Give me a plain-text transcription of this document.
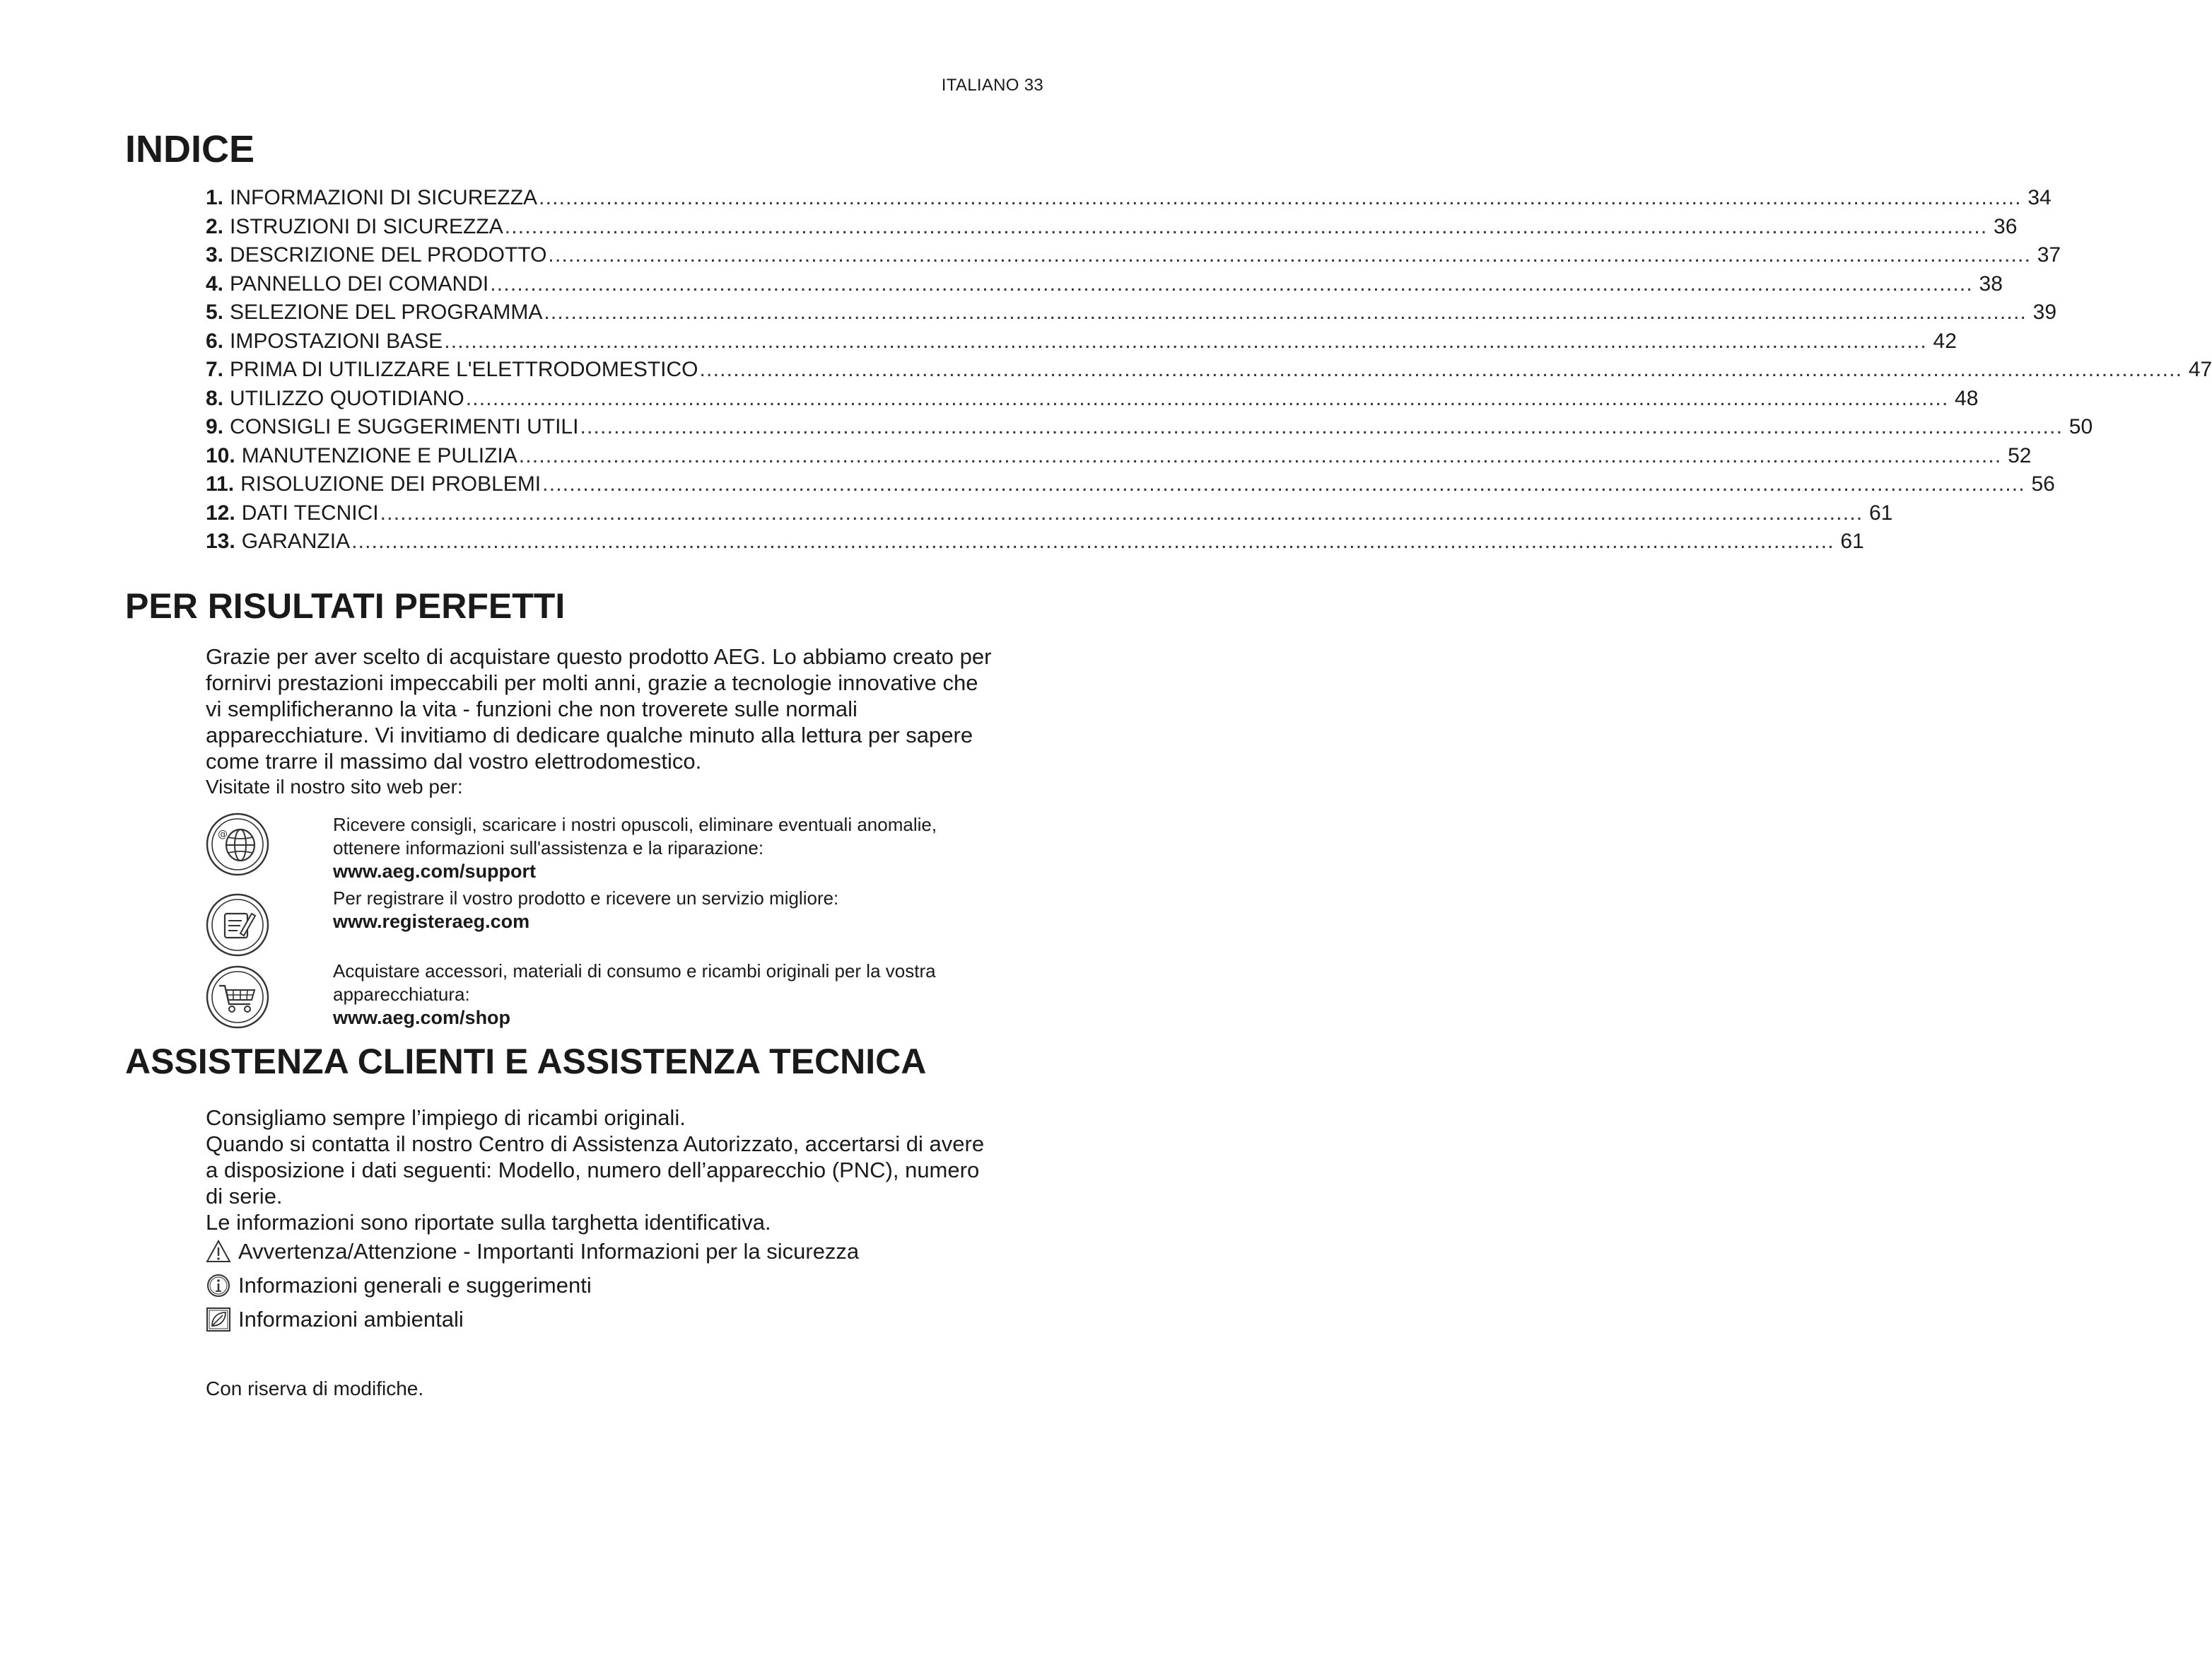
ITALIANO 33
INDICE
1. INFORMAZIONI DI SICUREZZA ............................................................................................................................................................................................................................ 34
2. ISTRUZIONI DI SICUREZZA ............................................................................................................................................................................................................................ 36
3. DESCRIZIONE DEL PRODOTTO ............................................................................................................................................................................................................................ 37
4. PANNELLO DEI COMANDI ............................................................................................................................................................................................................................ 38
5. SELEZIONE DEL PROGRAMMA ............................................................................................................................................................................................................................ 39
6. IMPOSTAZIONI BASE ............................................................................................................................................................................................................................ 42
7. PRIMA DI UTILIZZARE L'ELETTRODOMESTICO ............................................................................................................................................................................................................................ 47
8. UTILIZZO QUOTIDIANO ............................................................................................................................................................................................................................ 48
9. CONSIGLI E SUGGERIMENTI UTILI ............................................................................................................................................................................................................................ 50
10. MANUTENZIONE E PULIZIA ............................................................................................................................................................................................................................ 52
11. RISOLUZIONE DEI PROBLEMI ............................................................................................................................................................................................................................ 56
12. DATI TECNICI ............................................................................................................................................................................................................................ 61
13. GARANZIA ............................................................................................................................................................................................................................ 61
PER RISULTATI PERFETTI
Grazie per aver scelto di acquistare questo prodotto AEG. Lo abbiamo creato per
fornirvi prestazioni impeccabili per molti anni, grazie a tecnologie innovative che
vi semplificheranno la vita - funzioni che non troverete sulle normali
apparecchiature. Vi invitiamo di dedicare qualche minuto alla lettura per sapere
come trarre il massimo dal vostro elettrodomestico.
Visitate il nostro sito web per:
@	Ricevere consigli, scaricare i nostri opuscoli, eliminare eventuali anomalie,
ottenere informazioni sull'assistenza e la riparazione:
www.aeg.com/support
Per registrare il vostro prodotto e ricevere un servizio migliore:
www.registeraeg.com
Acquistare accessori, materiali di consumo e ricambi originali per la vostra
apparecchiatura:
www.aeg.com/shop
ASSISTENZA CLIENTI E ASSISTENZA TECNICA
Consigliamo sempre l’impiego di ricambi originali.
Quando si contatta il nostro Centro di Assistenza Autorizzato, accertarsi di avere
a disposizione i dati seguenti: Modello, numero dell’apparecchio (PNC), numero
di serie.
Le informazioni sono riportate sulla targhetta identificativa.
Avvertenza/Attenzione - Importanti Informazioni per la sicurezza
Informazioni generali e suggerimenti
Informazioni ambientali
Con riserva di modifiche.
